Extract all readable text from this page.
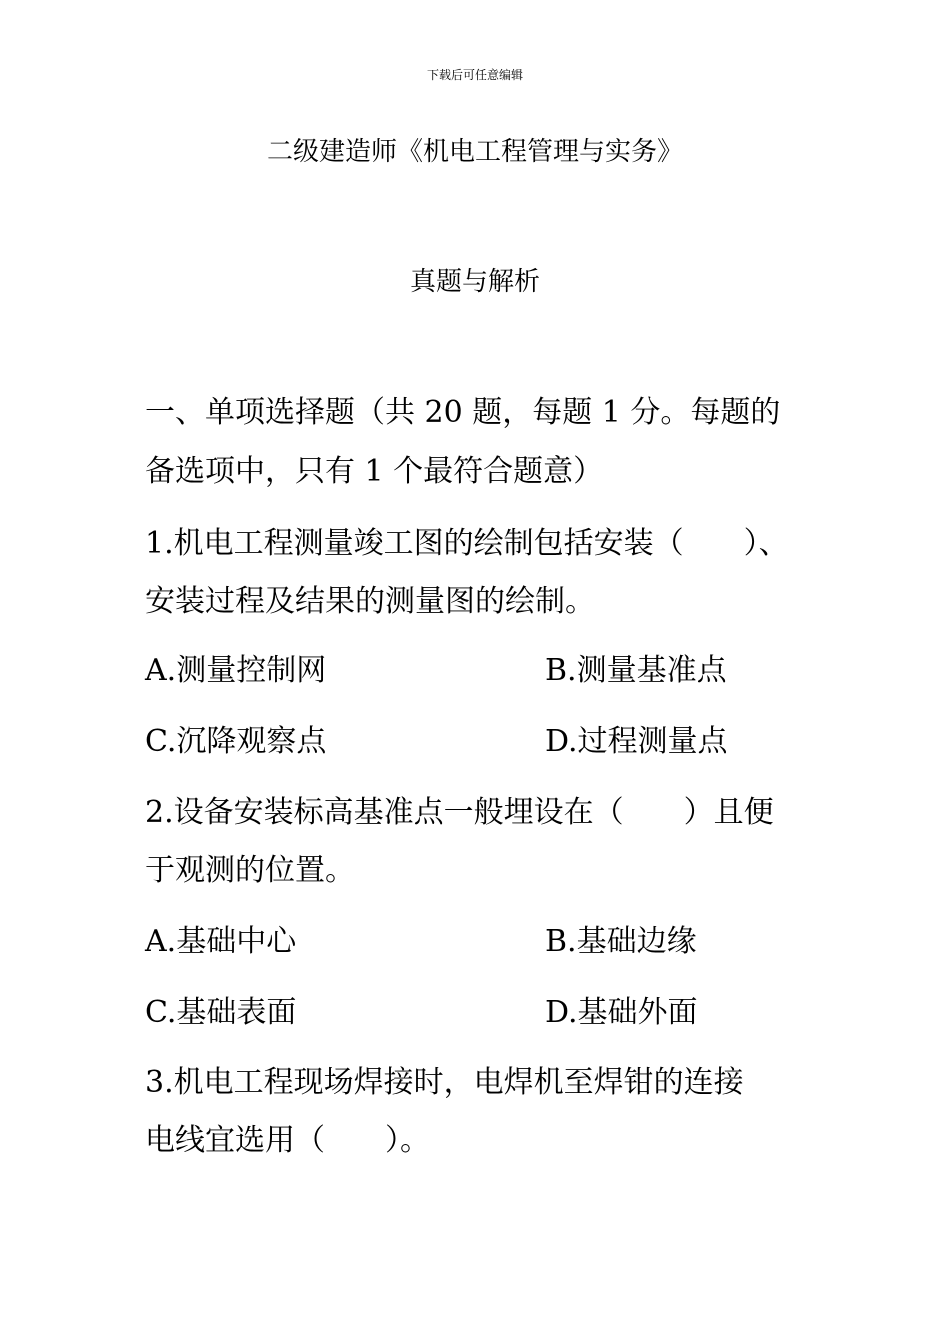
下载后可任意编辑
二级建造师《机电工程管理与实务》
真题与解析
一、单项选择题（共 20 题，每题 1 分。每题的
备选项中，只有 1 个最符合题意）
1.机电工程测量竣工图的绘制包括安装（　　）、
安装过程及结果的测量图的绘制。
A.测量控制网	B.测量基准点
C.沉降观察点	D.过程测量点
2.设备安装标高基准点一般埋设在（　　）且便
于观测的位置。
A.基础中心	B.基础边缘
C.基础表面	D.基础外面
3.机电工程现场焊接时，电焊机至焊钳的连接
电线宜选用（　　）。
